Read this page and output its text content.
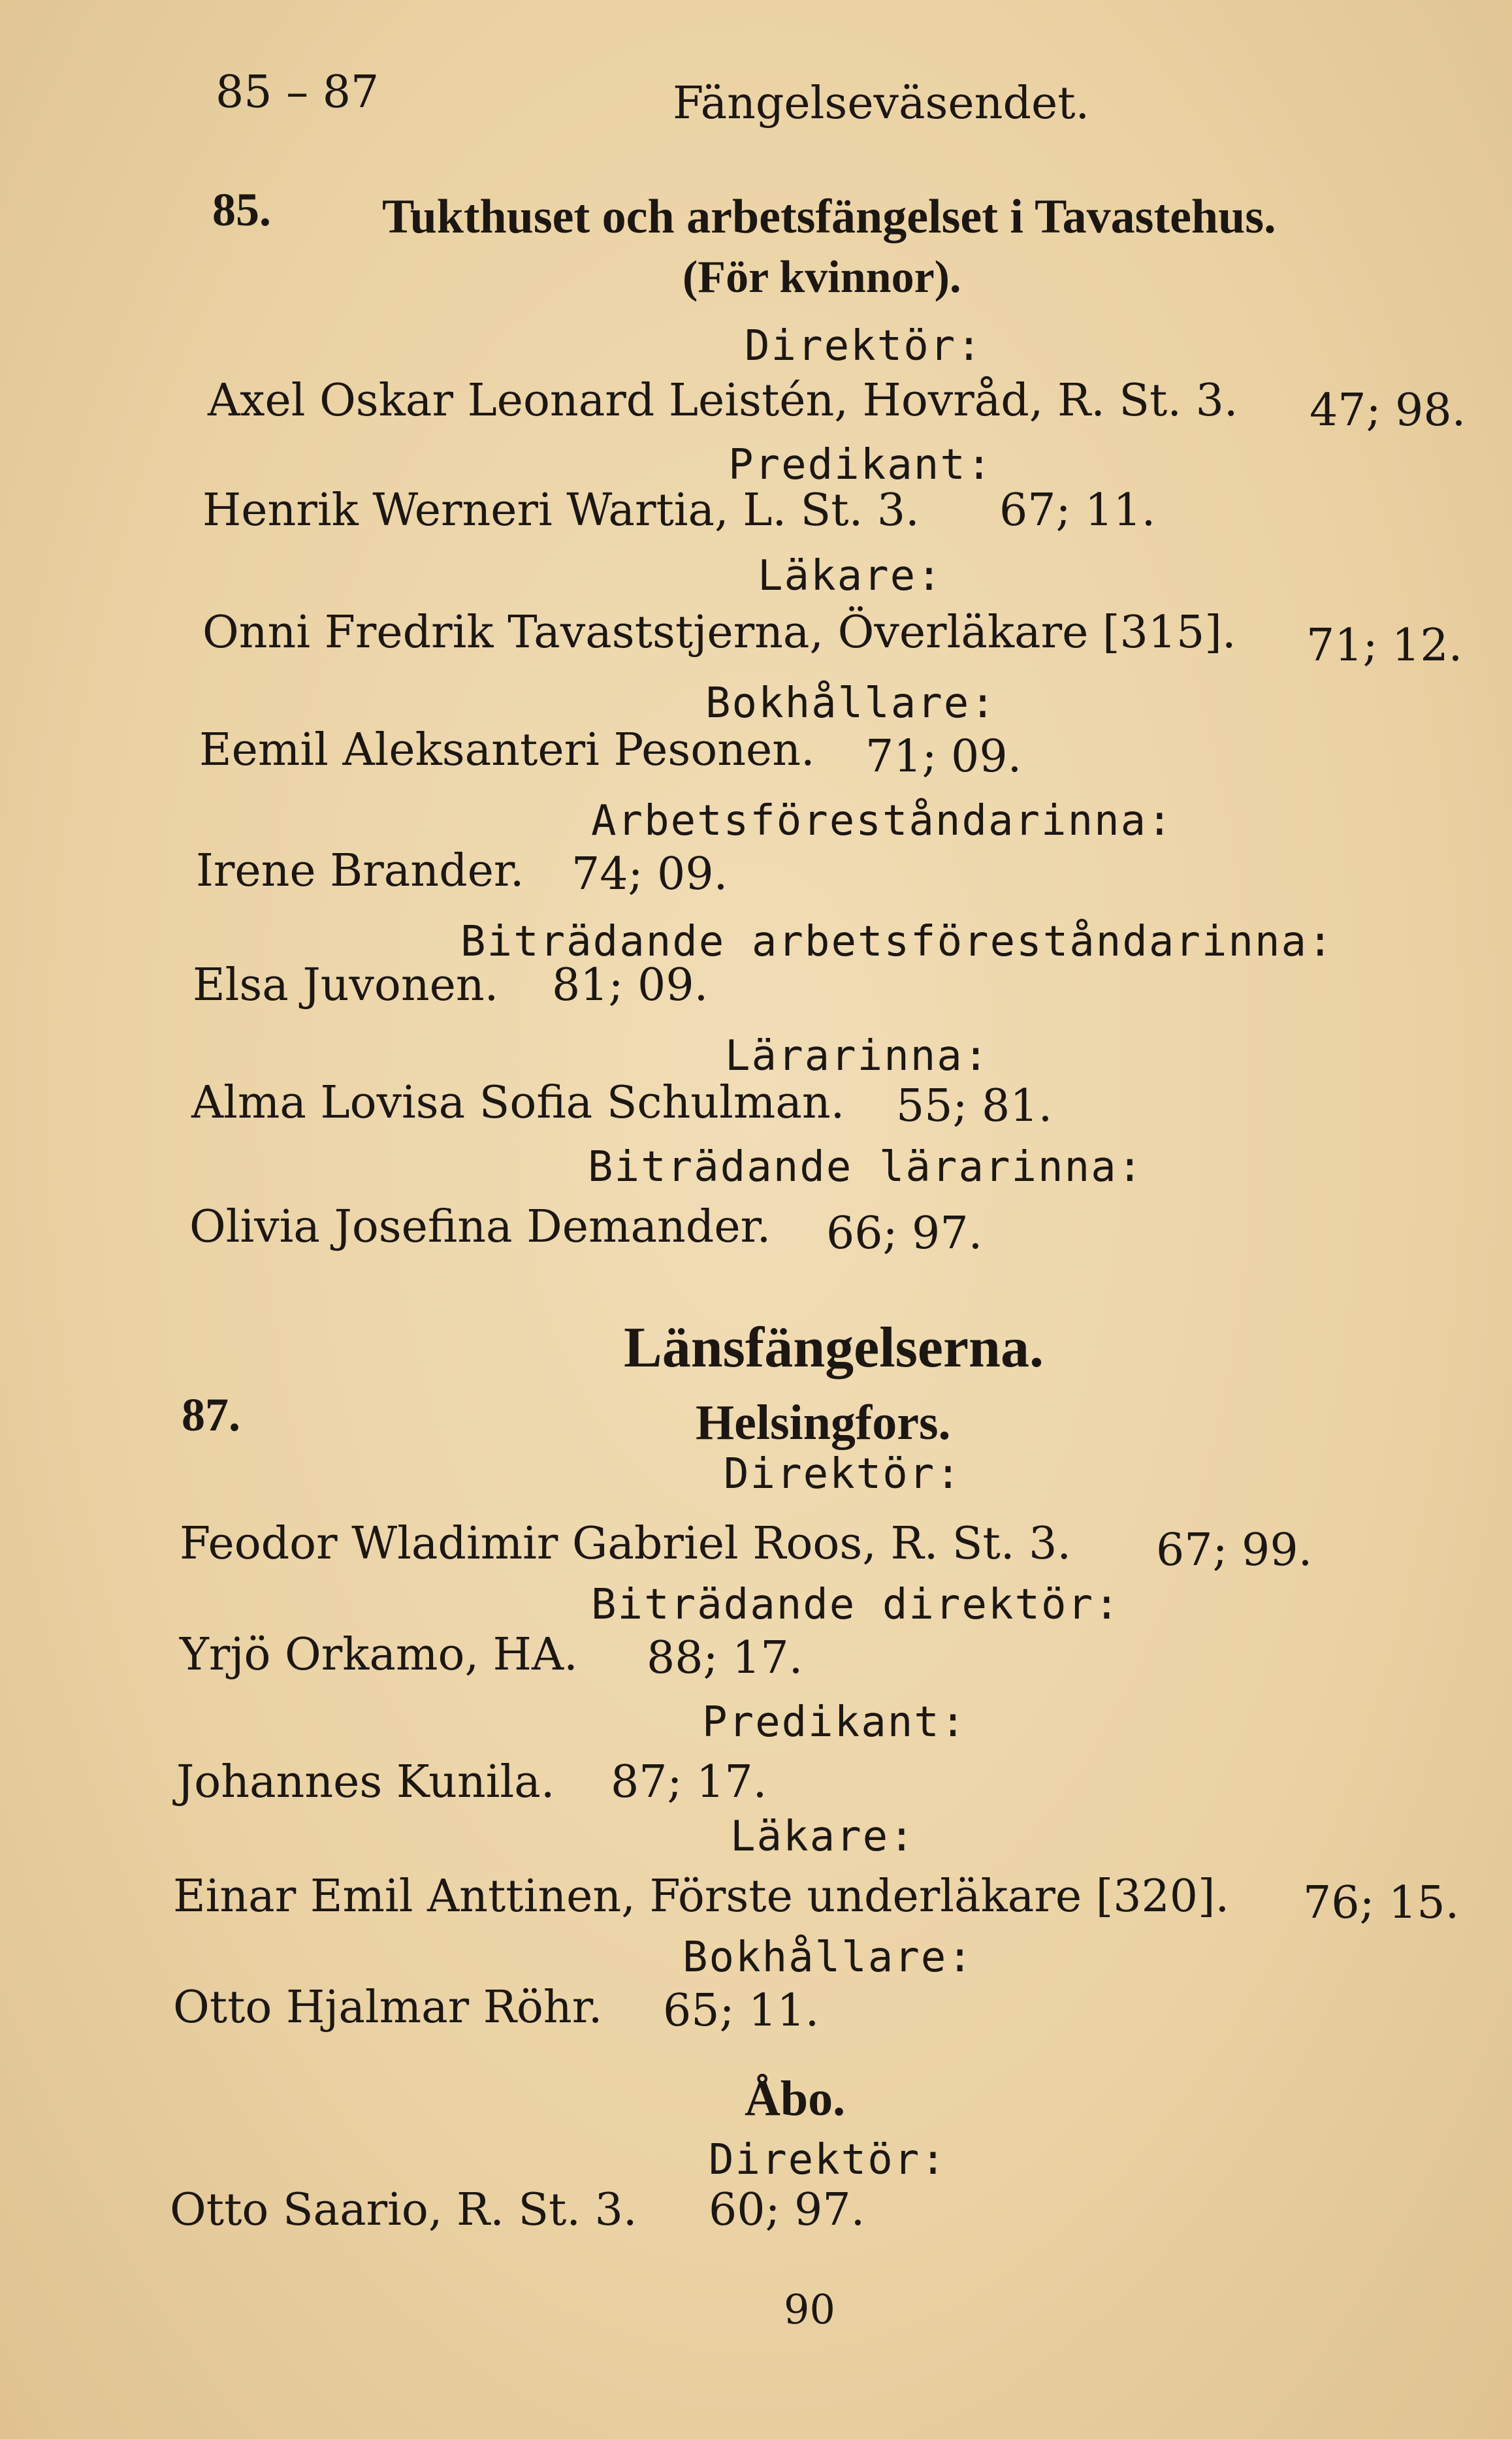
85 – 87	Fängelseväsendet.
85. Tukthuset och arbetsfängelset i Tavastehus.
(För kvinnor).
Direktör:
Axel Oskar Leonard Leistén, Hovråd, R. St. 3. 47; 98.
Predikant:
Henrik Werneri Wartia, L. St. 3. 67; 11.
Läkare:
Onni Fredrik Tavaststjerna, Överläkare [315]. 71; 12.
Bokhållare:
Eemil Aleksanteri Pesonen. 71; 09.
Arbetsföreståndarinna:
Irene Brander. 74; 09.
Biträdande arbetsföreståndarinna:
Elsa Juvonen. 81; 09.
Lärarinna:
Alma Lovisa Sofia Schulman. 55; 81.
Biträdande lärarinna:
Olivia Josefina Demander. 66; 97.
Länsfängelserna.
87.	Helsingfors.
Direktör:
Feodor Wladimir Gabriel Roos, R. St. 3. 67; 99.
Biträdande direktör:
Yrjö Orkamo, HA. 88; 17.
Predikant:
Johannes Kunila. 87; 17.
Läkare:
Einar Emil Anttinen, Förste underläkare [320]. 76; 15.
Bokhållare:
Otto Hjalmar Röhr. 65; 11.
Åbo.
Direktör:
Otto Saario, R. St. 3. 60; 97.
90
